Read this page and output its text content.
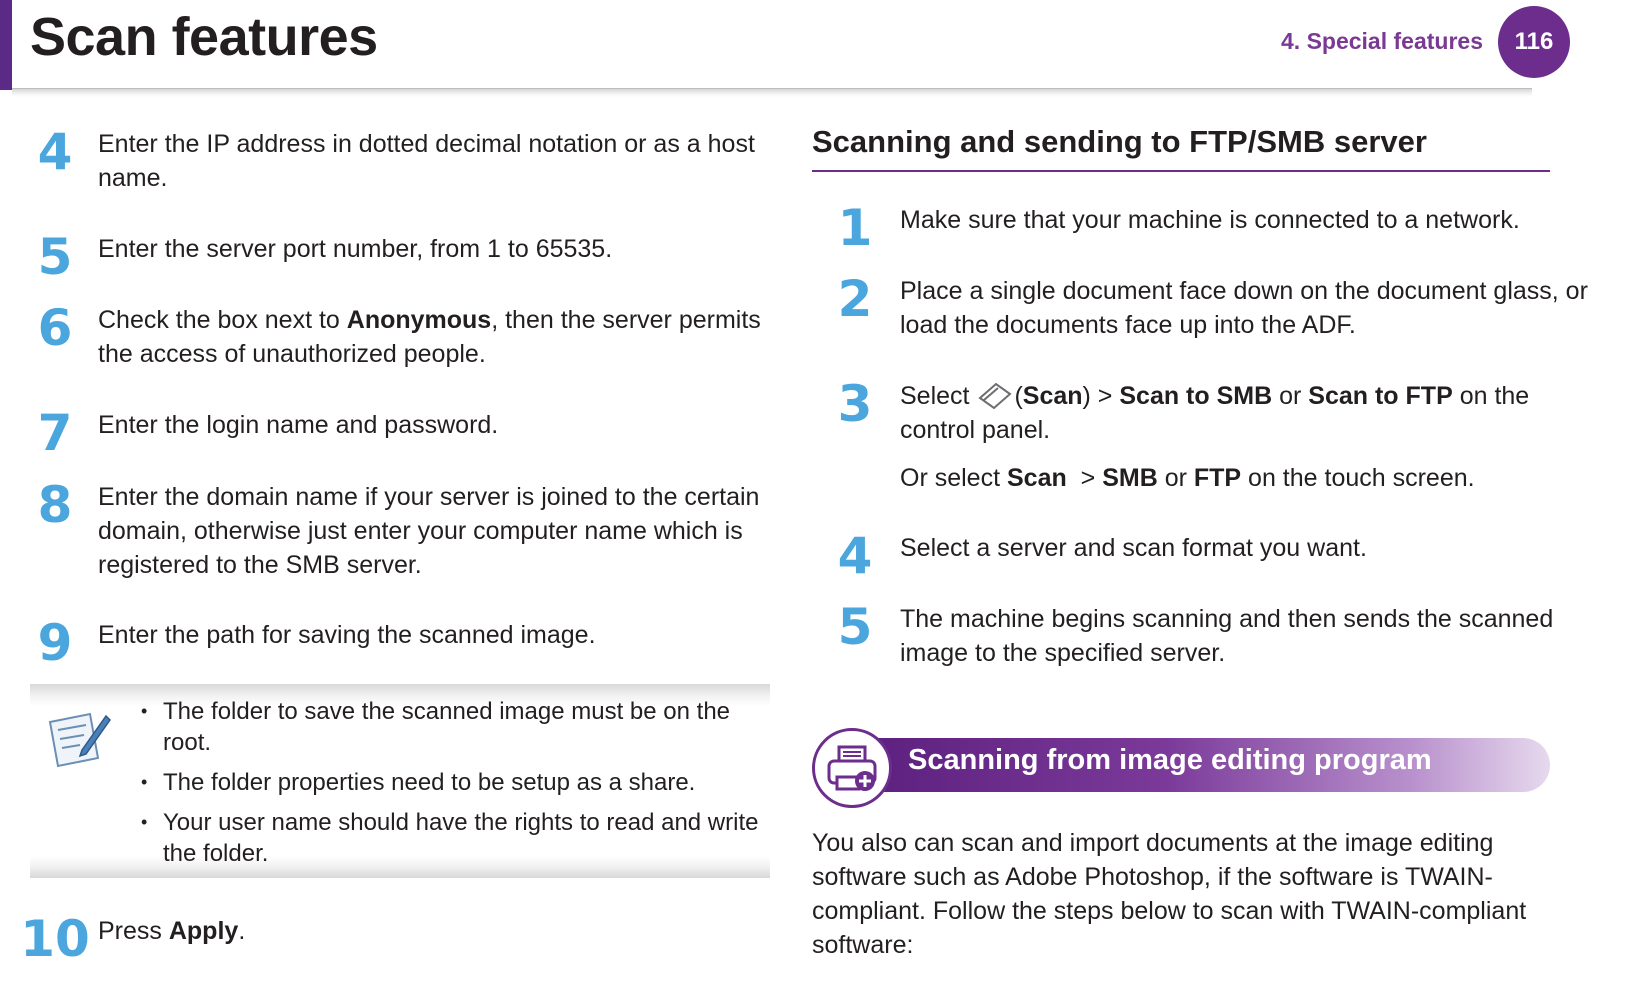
Scan features	4. Special features	116
4	Enter the IP address in dotted decimal notation or as a host name.
5	Enter the server port number, from 1 to 65535.
6	Check the box next to Anonymous, then the server permits the access of unauthorized people.
7	Enter the login name and password.
8	Enter the domain name if your server is joined to the certain domain, otherwise just enter your computer name which is registered to the SMB server.
9	Enter the path for saving the scanned image.
• The folder to save the scanned image must be on the root.
• The folder properties need to be setup as a share.
• Your user name should have the rights to read and write the folder.
10 Press Apply.
Scanning and sending to FTP/SMB server
1	Make sure that your machine is connected to a network.
2	Place a single document face down on the document glass, or load the documents face up into the ADF.
3	Select (Scan) > Scan to SMB or Scan to FTP on the control panel.
Or select Scan  > SMB or FTP on the touch screen.
4	Select a server and scan format you want.
5	The machine begins scanning and then sends the scanned image to the specified server.
Scanning from image editing program
You also can scan and import documents at the image editing software such as Adobe Photoshop, if the software is TWAIN-compliant. Follow the steps below to scan with TWAIN-compliant software:
